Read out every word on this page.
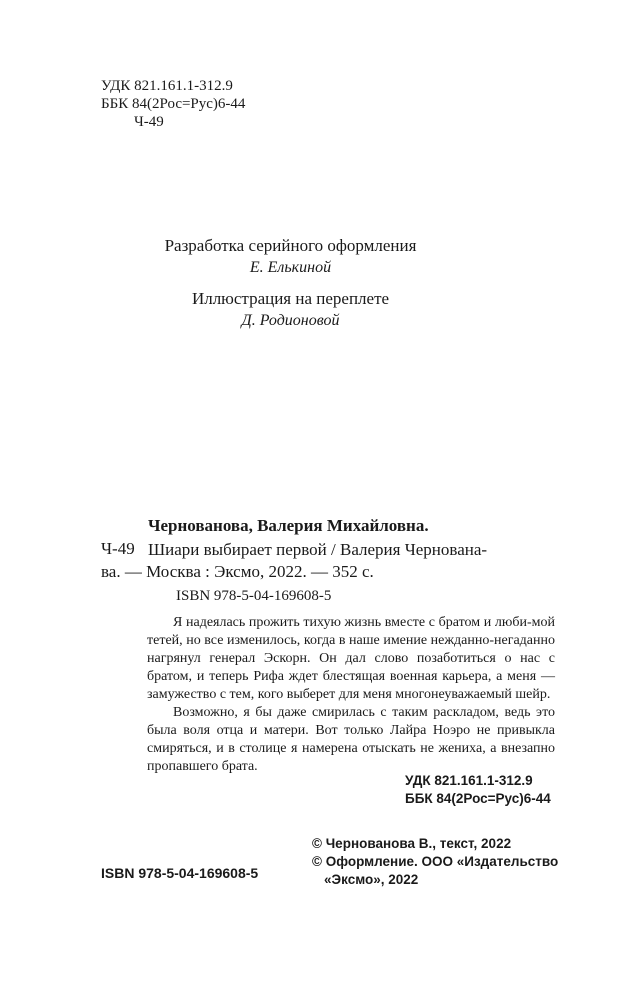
УДК 821.161.1-312.9
ББК 84(2Рос=Рус)6-44
Ч-49
Разработка серийного оформления
Е. Елькиной
Иллюстрация на переплете
Д. Родионовой
Чернованова, Валерия Михайловна.
Ч-49 Шиари выбирает первой / Валерия Чернована-
ва. — Москва : Эксмо, 2022. — 352 с.
ISBN 978-5-04-169608-5

Я надеялась прожить тихую жизнь вместе с братом и люби-мой тетей, но все изменилось, когда в наше имение нежданно-негаданно нагрянул генерал Эскорн. Он дал слово позаботиться о нас с братом, и теперь Рифа ждет блестящая военная карьера, а меня — замужество с тем, кого выберет для меня многонеуважаемый шейр.

Возможно, я бы даже смирилась с таким раскладом, ведь это была воля отца и матери. Вот только Лайра Ноэро не привыкла смиряться, и в столице я намерена отыскать не жениха, а внезапно пропавшего брата.

УДК 821.161.1-312.9
ББК 84(2Рос=Рус)6-44
© Чернованова В., текст, 2022
© Оформление. ООО «Издательство
«Эксмо», 2022
ISBN 978-5-04-169608-5
